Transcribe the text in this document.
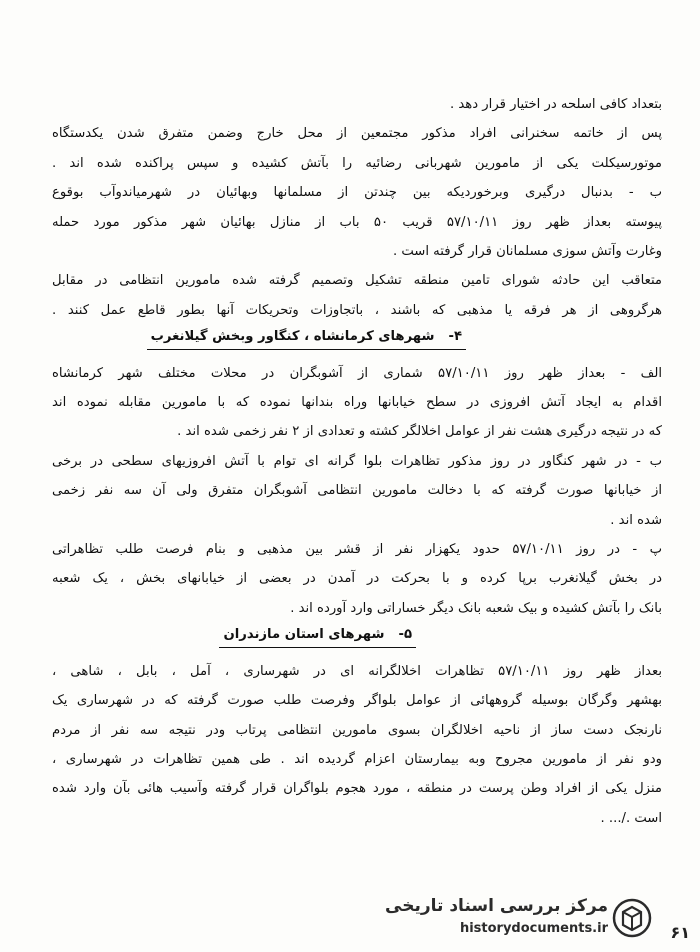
بتعداد کافی اسلحه در اختیار قرار دهد .
پس از خاتمه سخنرانی افراد مذکور مجتمعین از محل خارج وضمن متفرق شدن یکدستگاه
موتورسیکلت یکی از مامورین شهربانی رضائیه را بآتش کشیده و سپس پراکنده شده اند .
ب - بدنبال درگیری وبرخوردیکه بین چندتن از مسلمانها وبهائیان در شهرمیاندوآب بوقوع
پیوسته بعداز ظهر روز ۵۷/۱۰/۱۱ قریب ۵۰ باب از منازل بهائیان شهر مذکور مورد حمله
وغارت وآتش سوزی مسلمانان قرار گرفته است .
متعاقب این حادثه شورای تامین منطقه تشکیل وتصمیم گرفته شده مامورین انتظامی در مقابل
هرگروهی از هر فرقه یا مذهبی که باشند ، باتجاوزات وتحریکات آنها بطور قاطع عمل کنند .
۴-شهرهای کرمانشاه ، کنگاور وبخش گیلانغرب
الف - بعداز ظهر روز ۵۷/۱۰/۱۱ شماری از آشوبگران در محلات مختلف شهر کرمانشاه
اقدام به ایجاد آتش افروزی در سطح خیابانها وراه بندانها نموده که با مامورین مقابله نموده اند
که در نتیجه درگیری هشت نفر از عوامل اخلالگر کشته و تعدادی از ۲ نفر زخمی شده اند .
ب - در شهر کنگاور در روز مذکور تظاهرات بلوا گرانه ای توام با آتش افروزیهای سطحی در برخی
از خیابانها صورت گرفته که با دخالت مامورین انتظامی آشوبگران متفرق ولی آن سه نفر زخمی
شده اند .
پ - در روز ۵۷/۱۰/۱۱ حدود یکهزار نفر از قشر بین مذهبی و بنام فرصت طلب تظاهراتی
در بخش گیلانغرب برپا کرده و با بحرکت در آمدن در بعضی از خیابانهای بخش ، یک شعبه
بانک را بآتش کشیده و بیک شعبه بانک دیگر خساراتی وارد آورده اند .
۵-شهرهای استان مازندران
بعداز ظهر روز ۵۷/۱۰/۱۱ تظاهرات اخلالگرانه ای در شهرساری ، آمل ، بابل ، شاهی ،
بهشهر وگرگان بوسیله گروههائی از عوامل بلواگر وفرصت طلب صورت گرفته که در شهرساری یک
نارنجک دست ساز از ناحیه اخلالگران بسوی مامورین انتظامی پرتاب ودر نتیجه سه نفر از مردم
ودو نفر از مامورین مجروح وبه بیمارستان اعزام گردیده اند . طی همین تظاهرات در شهرساری ،
منزل یکی از افراد وطن پرست در منطقه ، مورد هجوم بلواگران قرار گرفته وآسیب هائی بآن وارد شده
است ./... .
مرکز بررسی اسناد تاریخی
historydocuments.ir	۶۱
